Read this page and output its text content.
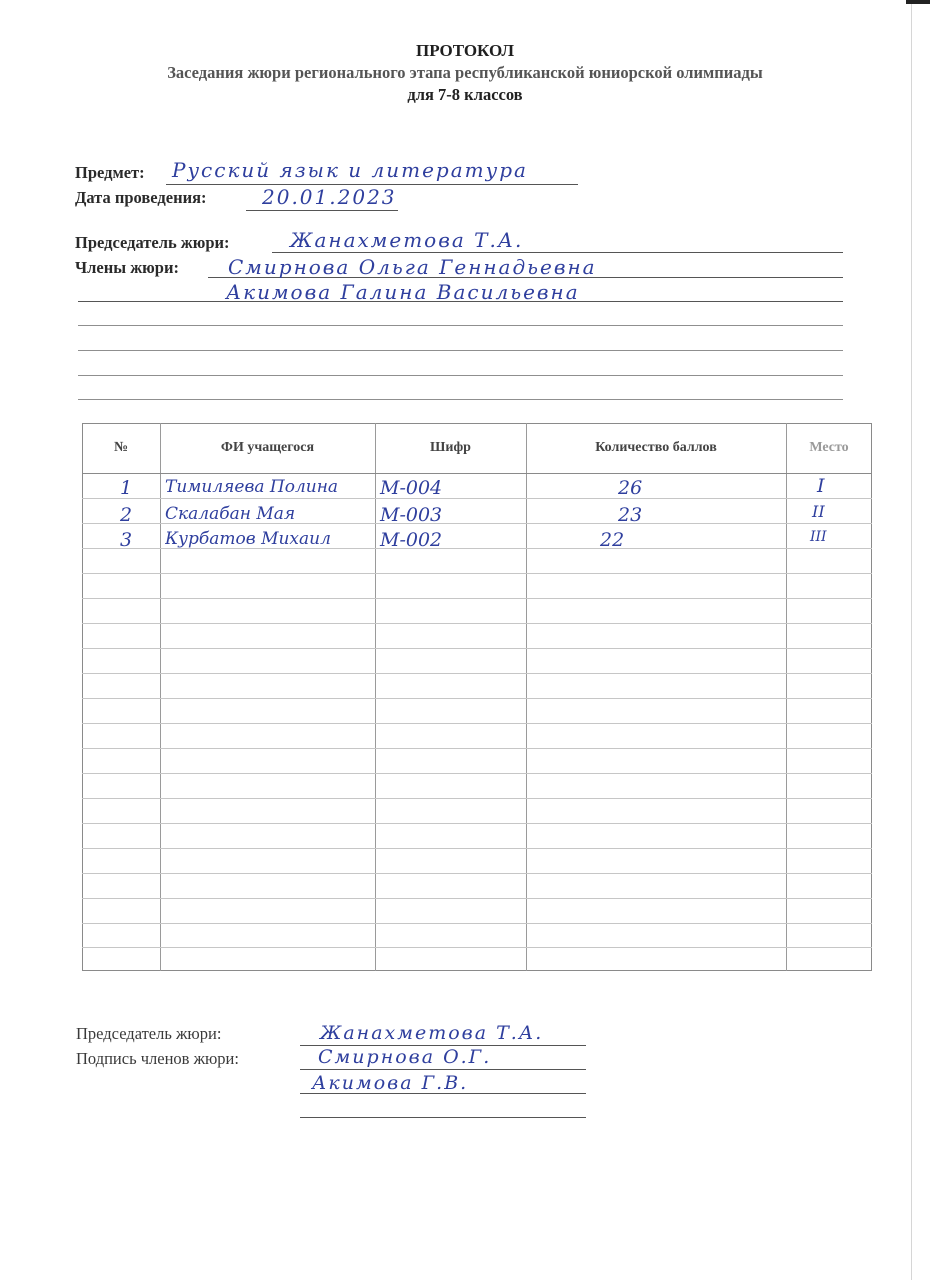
ПРОТОКОЛ
Заседания жюри регионального этапа республиканской юниорской олимпиады
для 7-8 классов
Предмет: Русский язык и литература
Дата проведения:	20.01.2023
Председатель жюри:	Жанахметова Т.А.
Члены жюри: Смирнова Ольга Геннадьевна
Акимова Галина Васильевна
№	ФИ учащегося	Шифр	Количество баллов	Место
1 Тимиляева Полина	М-004	26	I
2 Скалабан Мая	М-003	23	II
3 Курбатов Михаил	М-002	22	III
Председатель жюри:	Жанахметова Т.А.
Подпись членов жюри:	Смирнова О.Г.
Акимова Г.В.
